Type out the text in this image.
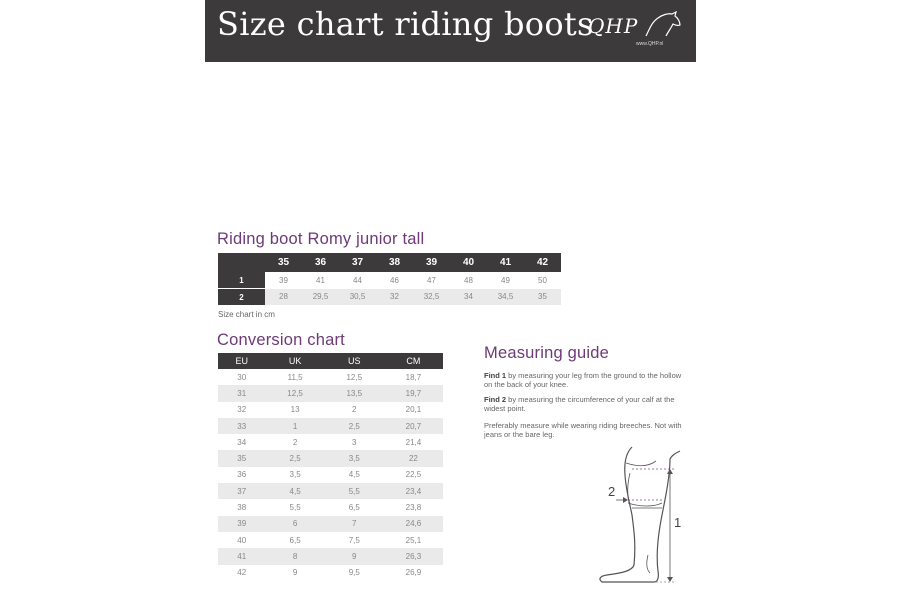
Size chart riding boots
QHP
www.QHP.nl
Riding boot Romy junior tall
	35	36	37	38	39	40	41	42
1	39	41	44	46	47	48	49	50
2	28	29,5	30,5	32	32,5	34	34,5	35
Size chart in cm
Conversion chart
EU	UK	US	CM
30	11,5	12,5	18,7
31	12,5	13,5	19,7
32	13	2	20,1
33	1	2,5	20,7
34	2	3	21,4
35	2,5	3,5	22
36	3,5	4,5	22,5
37	4,5	5,5	23,4
38	5,5	6,5	23,8
39	6	7	24,6
40	6,5	7,5	25,1
41	8	9	26,3
42	9	9,5	26,9
Measuring guide
Find 1 by measuring your leg from the ground to the hollow on the back of your knee.
Find 2 by measuring the circumference of your calf at the widest point.
Preferably measure while wearing riding breeches. Not with jeans or the bare leg.
2
1
